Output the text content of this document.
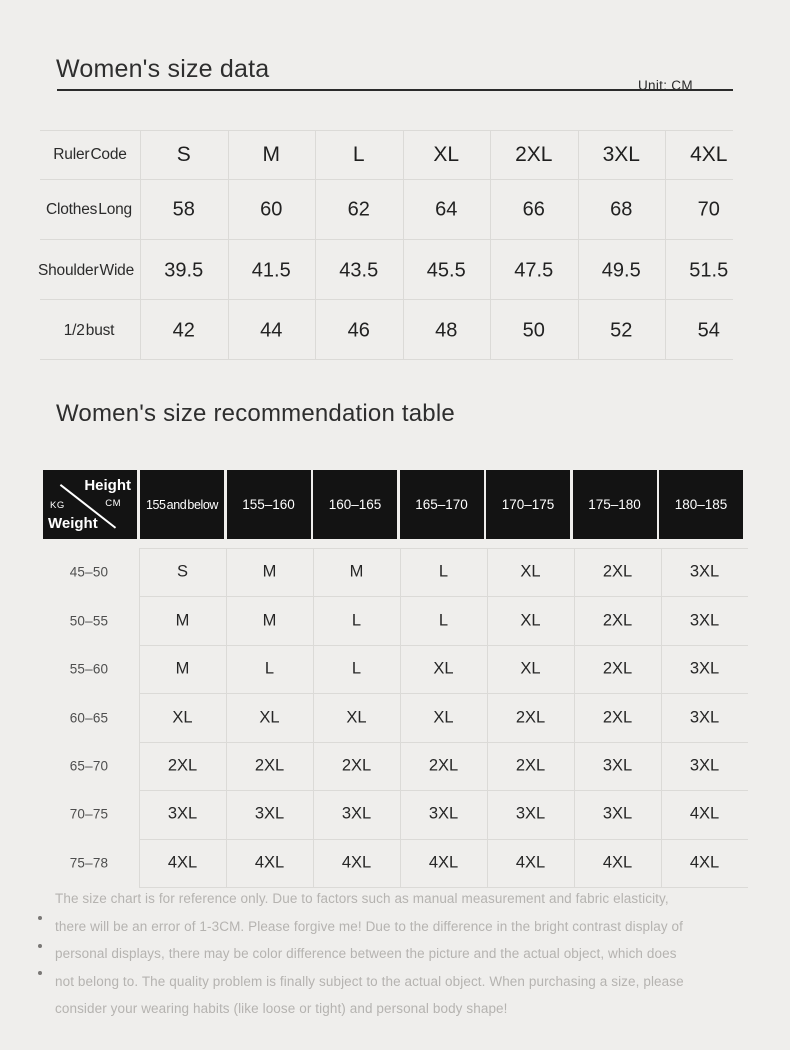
Women's size data
Unit: CM
Women's size recommendation table
Height
CM
KG
Weight
Ruler Code S	M	L	XL	2XL 3XL 4XL
Clothes Long 58	60	62	64	66	68	70
Shoulder Wide 39.5 41.5 43.5 45.5 47.5 49.5 51.5
1/2 bust	42	44	46	48	50	52	54
155 and below	155–160	160–165	165–170	170–175	175–180	180–185
45–50	S	M	M	L	XL	2XL	3XL
50–55	M	M	L	L	XL	2XL	3XL
55–60	M	L	L	XL	XL	2XL	3XL
60–65	XL	XL	XL	XL	2XL	2XL	3XL
65–70	2XL	2XL	2XL	2XL	2XL	3XL	3XL
70–75	3XL	3XL	3XL	3XL	3XL	3XL	4XL
75–78	4XL	4XL	4XL	4XL	4XL	4XL	4XL
The size chart is for reference only. Due to factors such as manual measurement and fabric elasticity,
there will be an error of 1-3CM. Please forgive me! Due to the difference in the bright contrast display of
personal displays, there may be color difference between the picture and the actual object, which does
not belong to. The quality problem is finally subject to the actual object. When purchasing a size, please
consider your wearing habits (like loose or tight) and personal body shape!
